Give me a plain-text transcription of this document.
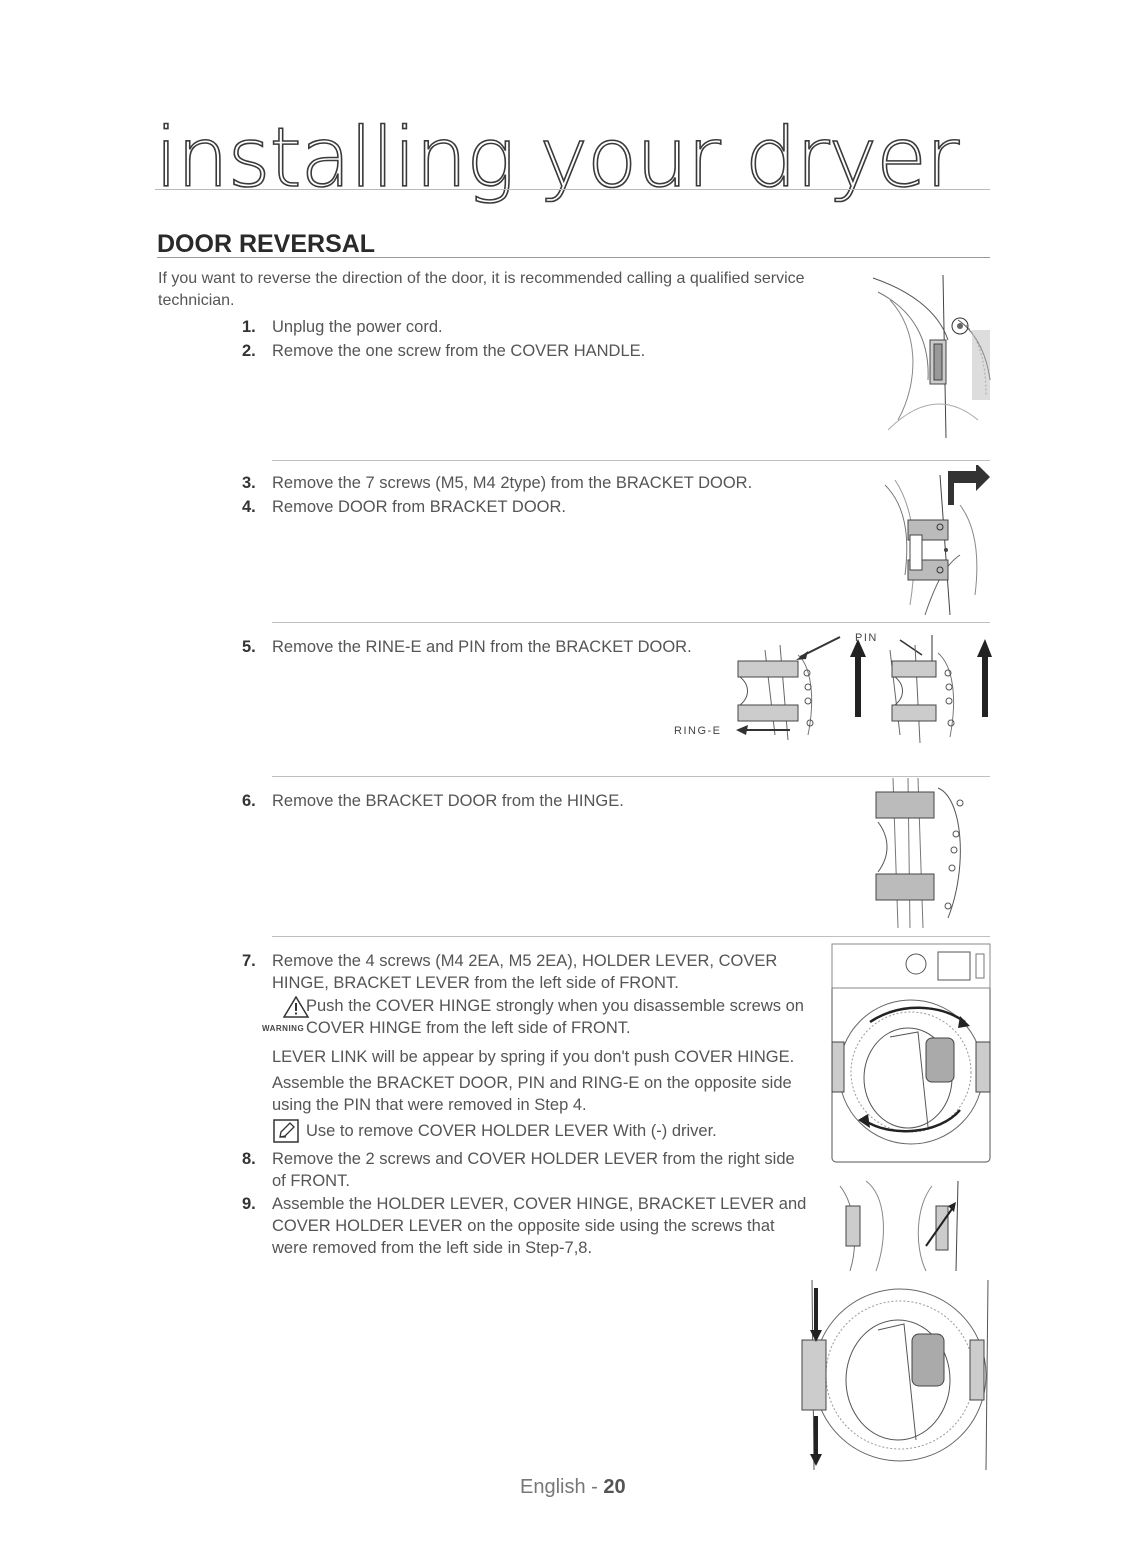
installing your dryer
DOOR REVERSAL
If you want to reverse the direction of the door, it is recommended calling a qualified service technician.
1. Unplug the power cord.
2. Remove the one screw from the COVER HANDLE.
3. Remove the 7 screws (M5, M4 2type) from the BRACKET DOOR.
4. Remove DOOR from BRACKET DOOR.
5. Remove the RINE-E and PIN from the BRACKET DOOR.
RING-E
PIN
6. Remove the BRACKET DOOR from the HINGE.
7. Remove the 4 screws (M4 2EA, M5 2EA), HOLDER LEVER, COVER HINGE, BRACKET LEVER from the left side of FRONT.
WARNING
Push the COVER HINGE strongly when you disassemble screws on COVER HINGE from the left side of FRONT.
LEVER LINK will be appear by spring if you don't push COVER HINGE.
Assemble the BRACKET DOOR, PIN and RING-E on the opposite side using the PIN that were removed in Step 4.
Use to remove COVER HOLDER LEVER With (-) driver.
8. Remove the 2 screws and COVER HOLDER LEVER from the right side of FRONT.
9. Assemble the HOLDER LEVER, COVER HINGE, BRACKET LEVER and COVER HOLDER LEVER on the opposite side using the screws that were removed from the left side in Step-7,8.
English - 20
